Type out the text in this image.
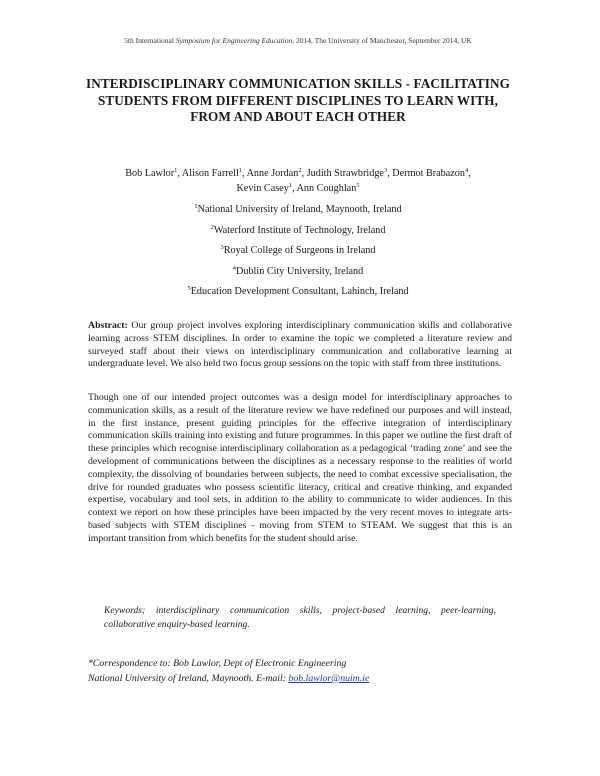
5th International Symposium for Engineering Education, 2014, The University of Manchester, September 2014, UK
INTERDISCIPLINARY COMMUNICATION SKILLS - FACILITATING STUDENTS FROM DIFFERENT DISCIPLINES TO LEARN WITH, FROM AND ABOUT EACH OTHER
Bob Lawlor$^1$, Alison Farrell$^1$, Anne Jordan$^2$, Judith Strawbridge$^3$, Dermot Brabazon$^4$,
Kevin Casey$^1$, Ann Coughlan$^5$
$^1$National University of Ireland, Maynooth, Ireland
$^2$Waterford Institute of Technology, Ireland
$^3$Royal College of Surgeons in Ireland
$^4$Dublin City University, Ireland
$^5$Education Development Consultant, Lahinch, Ireland
Abstract: Our group project involves exploring interdisciplinary communication skills and collaborative learning across STEM disciplines. In order to examine the topic we completed a literature review and surveyed staff about their views on interdisciplinary communication and collaborative learning at undergraduate level. We also held two focus group sessions on the topic with staff from three institutions.
Though one of our intended project outcomes was a design model for interdisciplinary approaches to communication skills, as a result of the literature review we have redefined our purposes and will instead, in the first instance, present guiding principles for the effective integration of interdisciplinary communication skills training into existing and future programmes. In this paper we outline the first draft of these principles which recognise interdisciplinary collaboration as a pedagogical ‘trading zone’ and see the development of communications between the disciplines as a necessary response to the realities of world complexity, the dissolving of boundaries between subjects, the need to combat excessive specialisation, the drive for rounded graduates who possess scientific literacy, critical and creative thinking, and expanded expertise, vocabulary and tool sets, in addition to the ability to communicate to wider audiences. In this context we report on how these principles have been impacted by the very recent moves to integrate arts-based subjects with STEM disciplines - moving from STEM to STEAM. We suggest that this is an important transition from which benefits for the student should arise.
Keywords; interdisciplinary communication skills, project-based learning, peer-learning, collaborative enquiry-based learning.
*Correspondence to: Bob Lawlor, Dept of Electronic Engineering
National University of Ireland, Maynooth. E-mail: bob.lawlor@nuim.ie
